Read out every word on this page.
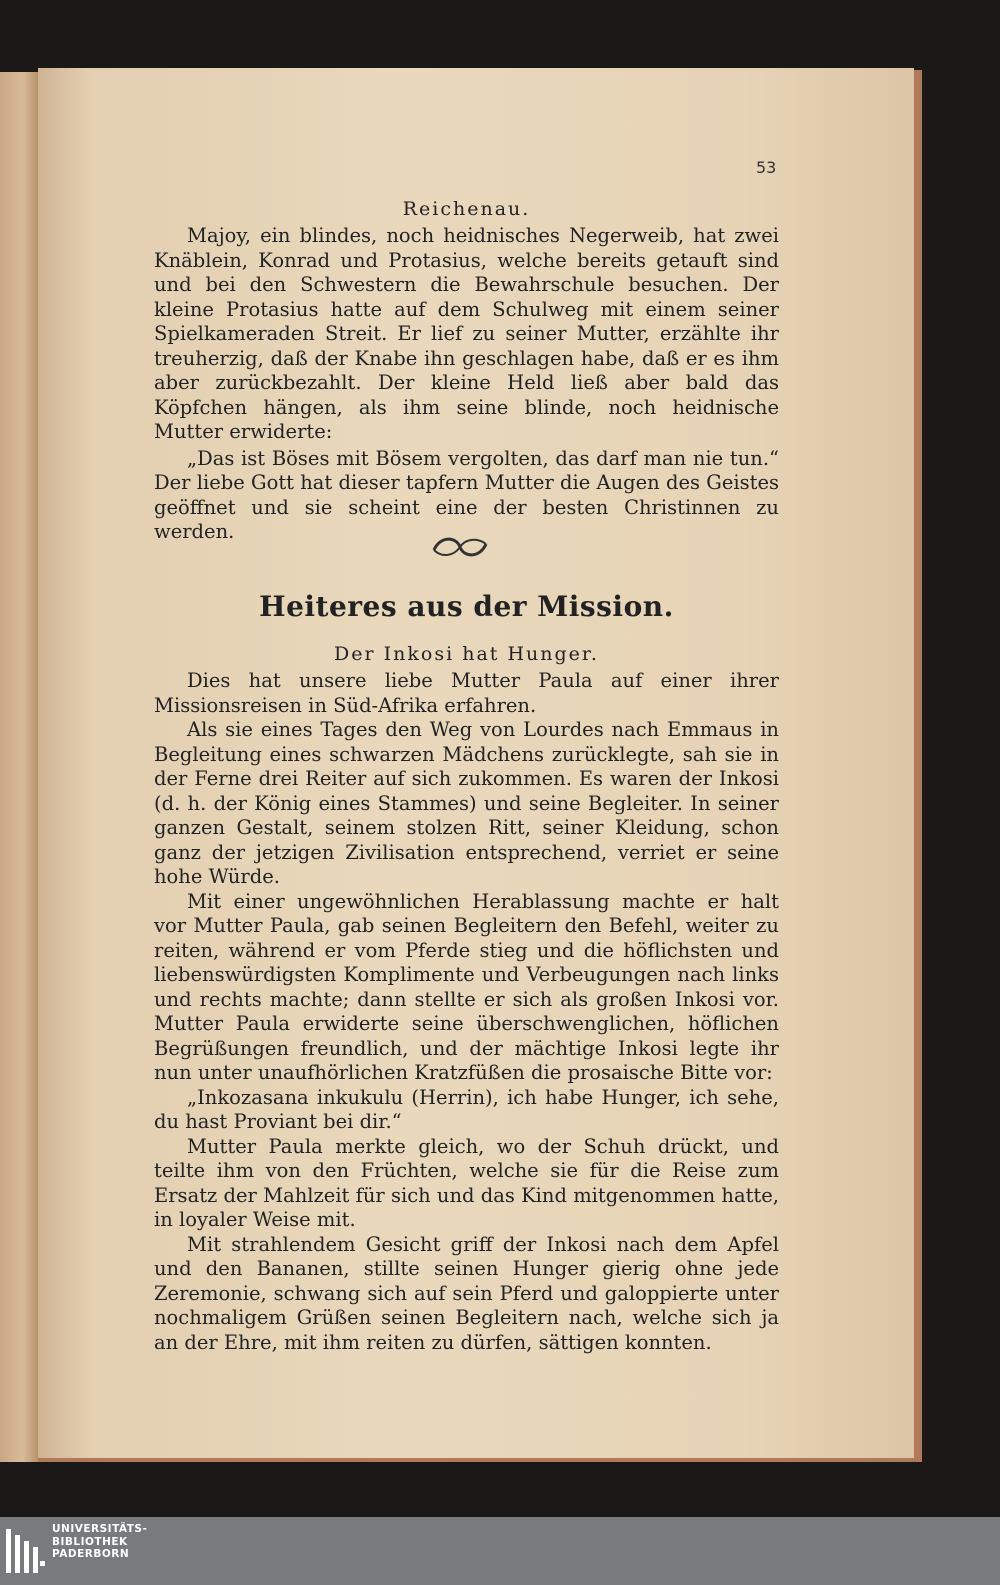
53

Reichenau.

Majoy, ein blindes, noch heidnisches Negerweib, hat zwei Knäblein, Konrad und Protasius, welche bereits getauft sind und bei den Schwestern die Bewahrschule besuchen. Der kleine Protasius hatte auf dem Schulweg mit einem seiner Spielkameraden Streit. Er lief zu seiner Mutter, erzählte ihr treuherzig, daß der Knabe ihn geschlagen habe, daß er es ihm aber zurückbezahlt. Der kleine Held ließ aber bald das Köpfchen hängen, als ihm seine blinde, noch heidnische Mutter erwiderte:

„Das ist Böses mit Bösem vergolten, das darf man nie tun.“ Der liebe Gott hat dieser tapfern Mutter die Augen des Geistes geöffnet und sie scheint eine der besten Christinnen zu werden.

Heiteres aus der Mission.

Der Inkosi hat Hunger.

Dies hat unsere liebe Mutter Paula auf einer ihrer Missionsreisen in Süd-Afrika erfahren.

Als sie eines Tages den Weg von Lourdes nach Emmaus in Begleitung eines schwarzen Mädchens zurücklegte, sah sie in der Ferne drei Reiter auf sich zukommen. Es waren der Inkosi (d. h. der König eines Stammes) und seine Begleiter. In seiner ganzen Gestalt, seinem stolzen Ritt, seiner Kleidung, schon ganz der jetzigen Zivilisation entsprechend, verriet er seine hohe Würde.

Mit einer ungewöhnlichen Herablassung machte er halt vor Mutter Paula, gab seinen Begleitern den Befehl, weiter zu reiten, während er vom Pferde stieg und die höflichsten und liebenswürdigsten Komplimente und Verbeugungen nach links und rechts machte; dann stellte er sich als großen Inkosi vor. Mutter Paula erwiderte seine überschwenglichen, höflichen Begrüßungen freundlich, und der mächtige Inkosi legte ihr nun unter unaufhörlichen Kratzfüßen die prosaische Bitte vor:

„Inkozasana inkukulu (Herrin), ich habe Hunger, ich sehe, du hast Proviant bei dir.“

Mutter Paula merkte gleich, wo der Schuh drückt, und teilte ihm von den Früchten, welche sie für die Reise zum Ersatz der Mahlzeit für sich und das Kind mitgenommen hatte, in loyaler Weise mit.

Mit strahlendem Gesicht griff der Inkosi nach dem Apfel und den Bananen, stillte seinen Hunger gierig ohne jede Zeremonie, schwang sich auf sein Pferd und galoppierte unter nochmaligem Grüßen seinen Begleitern nach, welche sich ja an der Ehre, mit ihm reiten zu dürfen, sättigen konnten.

UNIVERSITÄTS-
BIBLIOTHEK
PADERBORN
